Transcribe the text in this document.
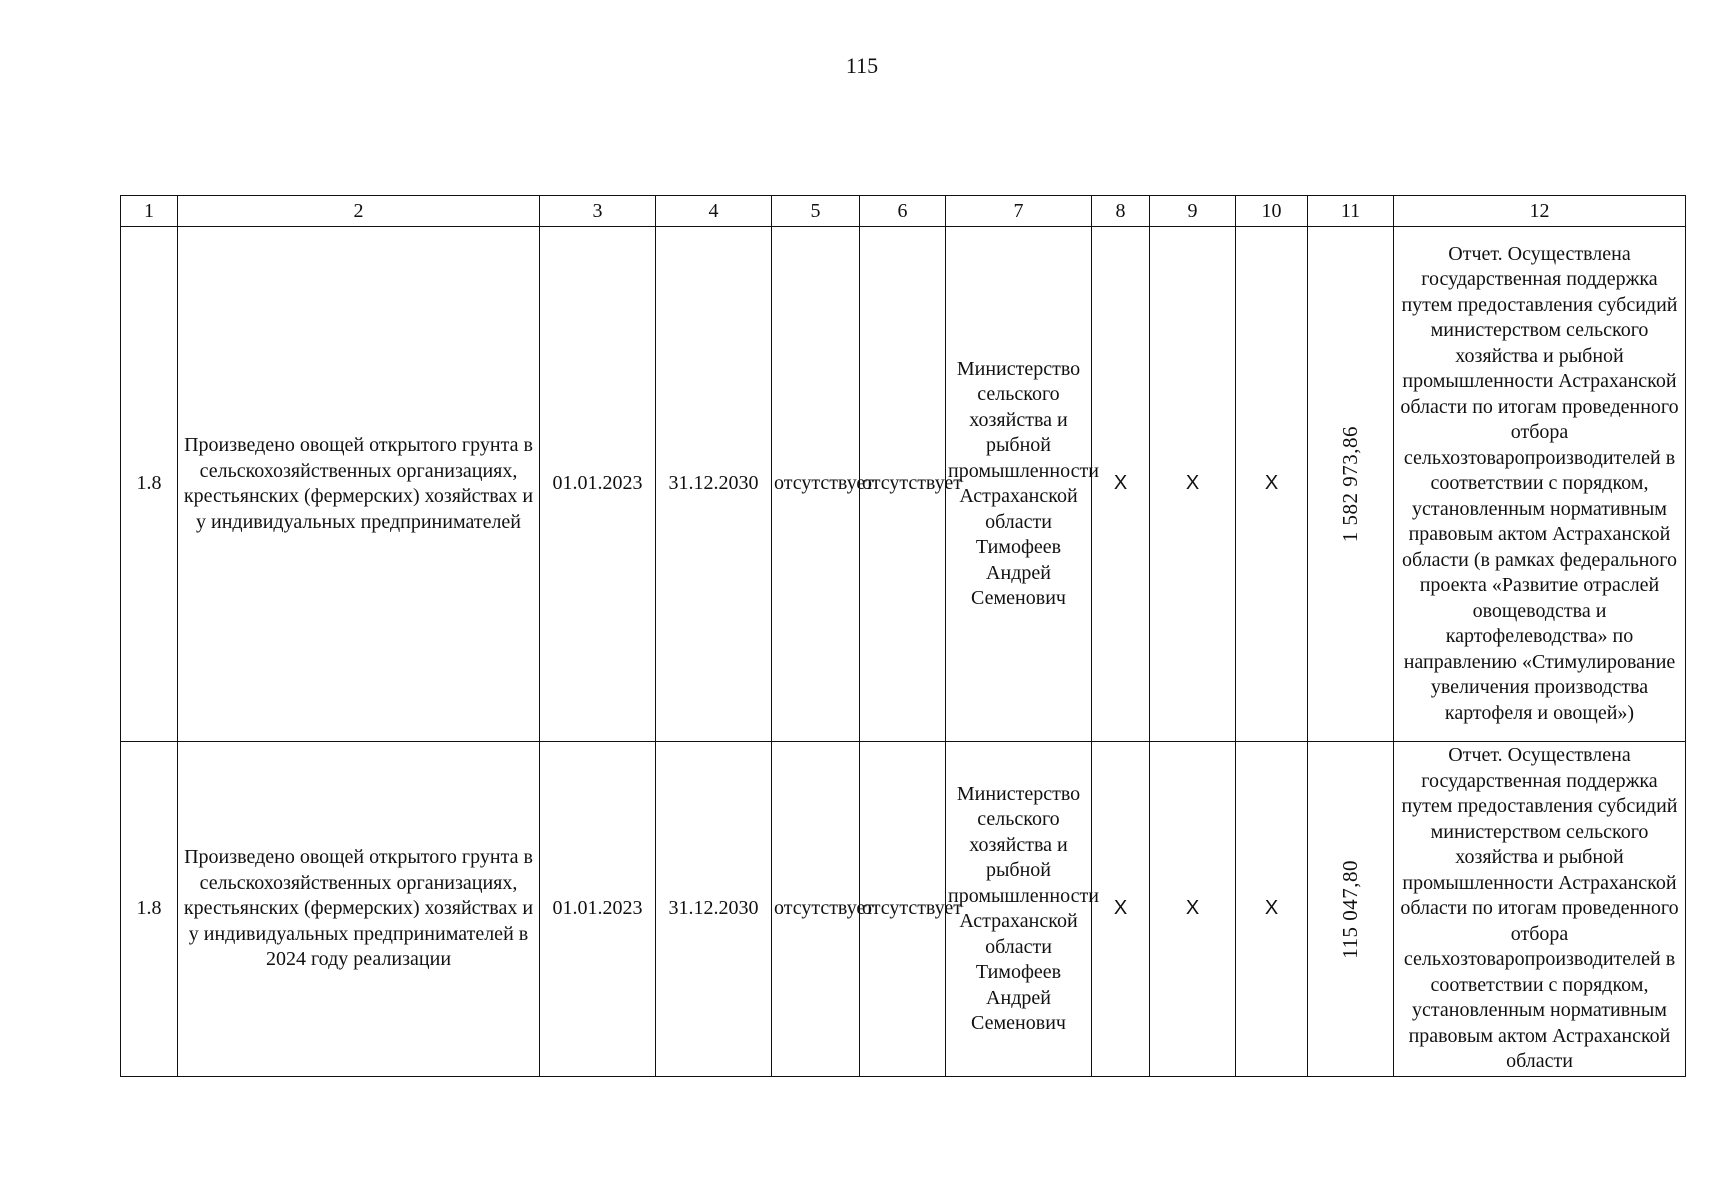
115
1	2	3	4	5	6	7	8	9	10	11	12
1.8	Произведено овощей открытого грунта в сельскохозяйственных организациях, крестьянских (фермерских) хозяйствах и у индивидуальных предпринимателей	01.01.2023	31.12.2030	отсутствует	отсутствует	Министерство сельского хозяйства и рыбной промышленности Астраханской области Тимофеев Андрей Семенович	X	X	X	1 582 973,86	Отчет. Осуществлена государственная поддержка путем предоставления субсидий министерством сельского хозяйства и рыбной промышленности Астраханской области по итогам проведенного отбора сельхозтоваропроизводителей в соответствии с порядком, установленным нормативным правовым актом Астраханской области (в рамках федерального проекта «Развитие отраслей овощеводства и картофелеводства» по направлению «Стимулирование увеличения производства картофеля и овощей»)
1.8	Произведено овощей открытого грунта в сельскохозяйственных организациях, крестьянских (фермерских) хозяйствах и у индивидуальных предпринимателей в 2024 году реализации	01.01.2023	31.12.2030	отсутствует	отсутствует	Министерство сельского хозяйства и рыбной промышленности Астраханской области Тимофеев Андрей Семенович	X	X	X	115 047,80	Отчет. Осуществлена государственная поддержка путем предоставления субсидий министерством сельского хозяйства и рыбной промышленности Астраханской области по итогам проведенного отбора сельхозтоваропроизводителей в соответствии с порядком, установленным нормативным правовым актом Астраханской области
